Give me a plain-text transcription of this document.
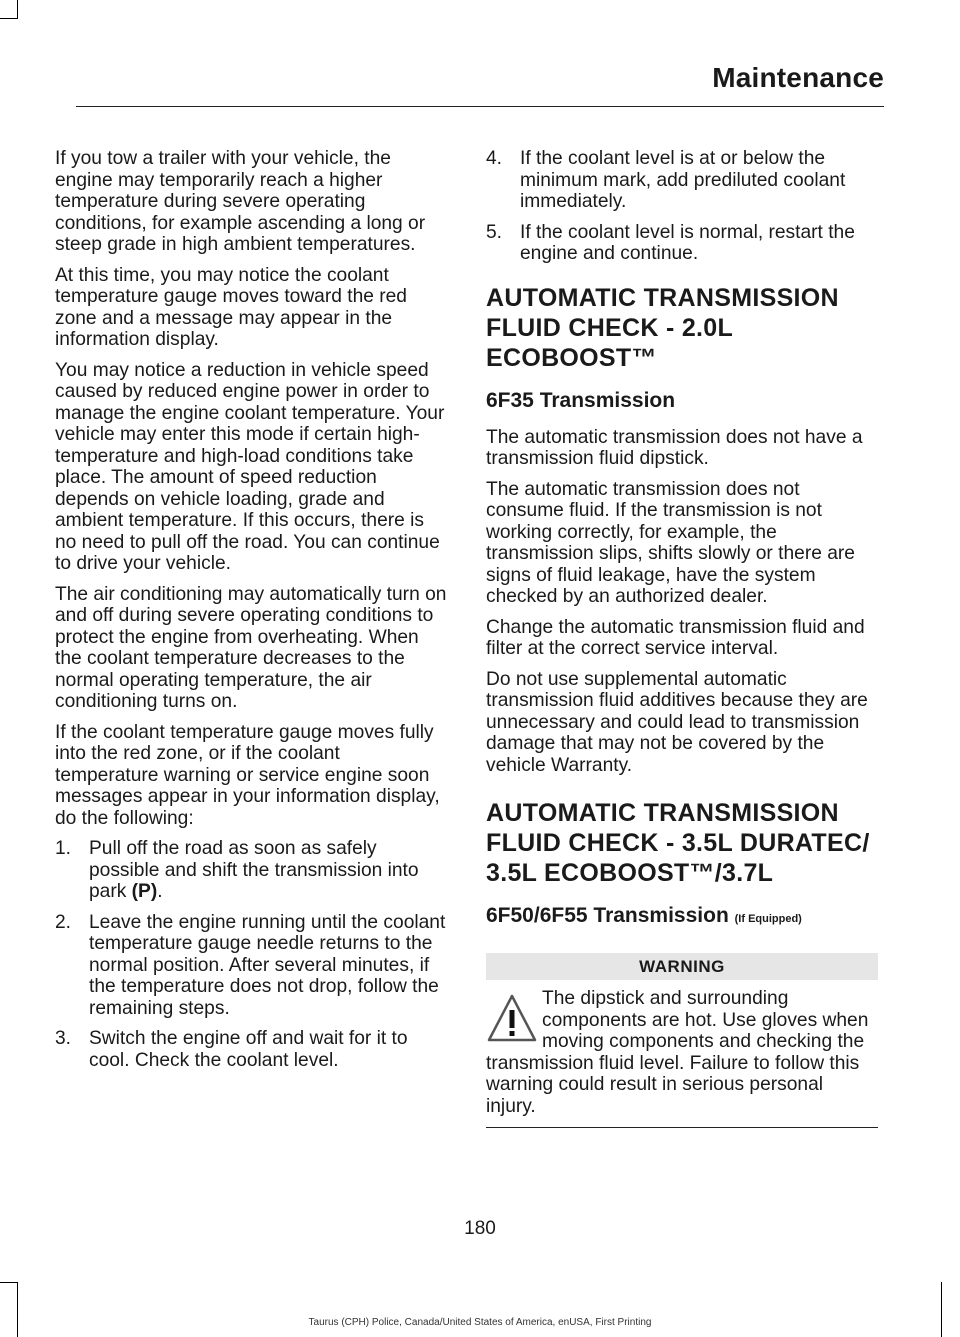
Maintenance

If you tow a trailer with your vehicle, the engine may temporarily reach a higher temperature during severe operating conditions, for example ascending a long or steep grade in high ambient temperatures.

At this time, you may notice the coolant temperature gauge moves toward the red zone and a message may appear in the information display.

You may notice a reduction in vehicle speed caused by reduced engine power in order to manage the engine coolant temperature. Your vehicle may enter this mode if certain high-temperature and high-load conditions take place. The amount of speed reduction depends on vehicle loading, grade and ambient temperature. If this occurs, there is no need to pull off the road. You can continue to drive your vehicle.

The air conditioning may automatically turn on and off during severe operating conditions to protect the engine from overheating. When the coolant temperature decreases to the normal operating temperature, the air conditioning turns on.

If the coolant temperature gauge moves fully into the red zone, or if the coolant temperature warning or service engine soon messages appear in your information display, do the following:

1. Pull off the road as soon as safely possible and shift the transmission into park (P).
2. Leave the engine running until the coolant temperature gauge needle returns to the normal position. After several minutes, if the temperature does not drop, follow the remaining steps.
3. Switch the engine off and wait for it to cool. Check the coolant level.
4. If the coolant level is at or below the minimum mark, add prediluted coolant immediately.
5. If the coolant level is normal, restart the engine and continue.
AUTOMATIC TRANSMISSION
FLUID CHECK - 2.0L
ECOBOOST™
6F35 Transmission

The automatic transmission does not have a transmission fluid dipstick.

The automatic transmission does not consume fluid. If the transmission is not working correctly, for example, the transmission slips, shifts slowly or there are signs of fluid leakage, have the system checked by an authorized dealer.

Change the automatic transmission fluid and filter at the correct service interval.

Do not use supplemental automatic transmission fluid additives because they are unnecessary and could lead to transmission damage that may not be covered by the vehicle Warranty.

AUTOMATIC TRANSMISSION
FLUID CHECK - 3.5L DURATEC/
3.5L ECOBOOST™/3.7L
6F50/6F55 Transmission (If Equipped)
WARNING
The dipstick and surrounding components are hot. Use gloves when moving components and checking the transmission fluid level. Failure to follow this warning could result in serious personal injury.
180
Taurus (CPH) Police, Canada/United States of America, enUSA, First Printing
